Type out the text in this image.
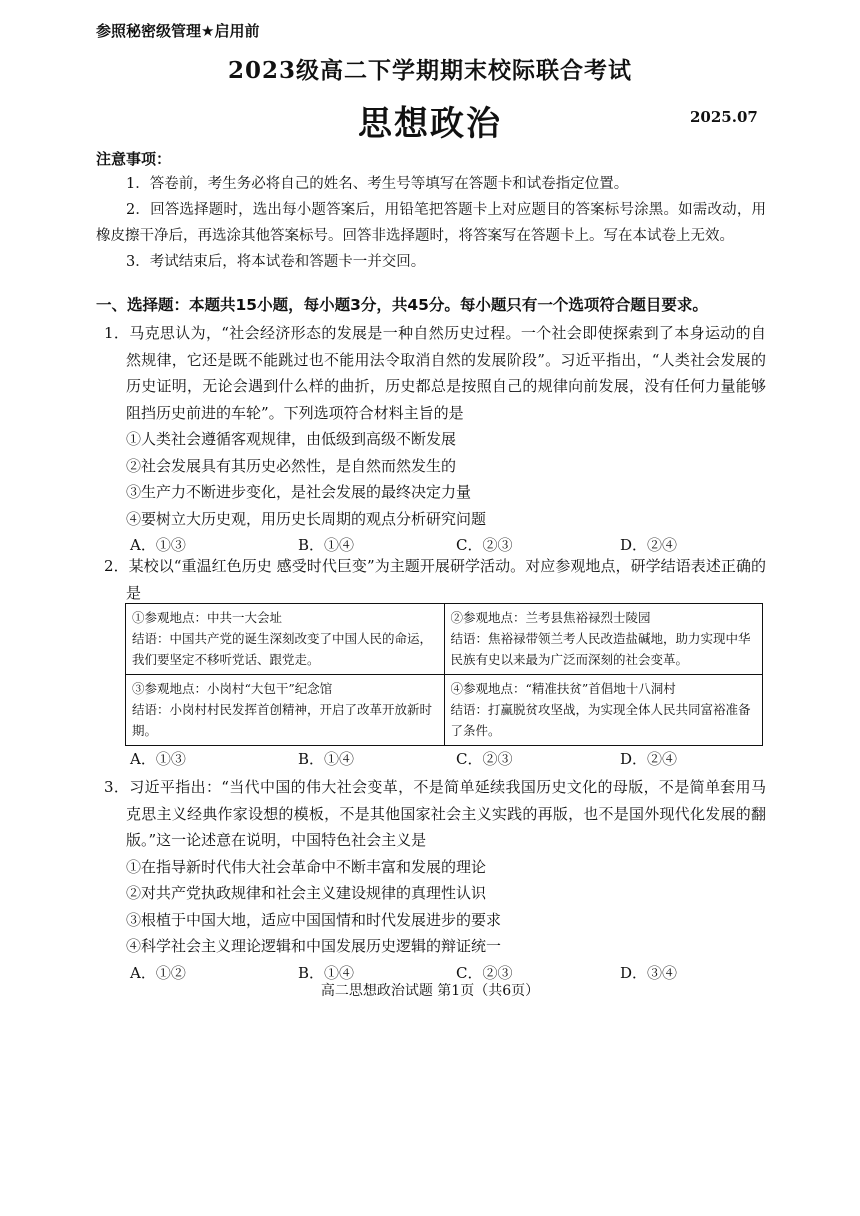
参照秘密级管理★启用前
2023级高二下学期期末校际联合考试
思想政治	2025.07
注意事项：

1．答卷前，考生务必将自己的姓名、考生号等填写在答题卡和试卷指定位置。

2．回答选择题时，选出每小题答案后，用铅笔把答题卡上对应题目的答案标号涂黑。如需改动，用橡皮擦干净后，再选涂其他答案标号。回答非选择题时，将答案写在答题卡上。写在本试卷上无效。

3．考试结束后，将本试卷和答题卡一并交回。

一、选择题：本题共15小题，每小题3分，共45分。每小题只有一个选项符合题目要求。

1．马克思认为，“社会经济形态的发展是一种自然历史过程。一个社会即使探索到了本身运动的自然规律，它还是既不能跳过也不能用法令取消自然的发展阶段”。习近平指出，“人类社会发展的历史证明，无论会遇到什么样的曲折，历史都总是按照自己的规律向前发展，没有任何力量能够阻挡历史前进的车轮”。下列选项符合材料主旨的是

①人类社会遵循客观规律，由低级到高级不断发展

②社会发展具有其历史必然性，是自然而然发生的

③生产力不断进步变化，是社会发展的最终决定力量

④要树立大历史观，用历史长周期的观点分析研究问题

A．①③	B．①④	C．②③	D．②④

2．某校以“重温红色历史 感受时代巨变”为主题开展研学活动。对应参观地点，研学结语表述正确的是

①参观地点：中共一大会址
结语：中国共产党的诞生深刻改变了中国人民的命运，我们要坚定不移听党话、跟党走。	②参观地点：兰考县焦裕禄烈士陵园
结语：焦裕禄带领兰考人民改造盐碱地，助力实现中华民族有史以来最为广泛而深刻的社会变革。
③参观地点：小岗村“大包干”纪念馆
结语：小岗村村民发挥首创精神，开启了改革开放新时期。	④参观地点：“精准扶贫”首倡地十八洞村
结语：打赢脱贫攻坚战，为实现全体人民共同富裕准备了条件。
A．①③	B．①④	C．②③	D．②④

3．习近平指出：“当代中国的伟大社会变革，不是简单延续我国历史文化的母版，不是简单套用马克思主义经典作家设想的模板，不是其他国家社会主义实践的再版，也不是国外现代化发展的翻版。”这一论述意在说明，中国特色社会主义是

①在指导新时代伟大社会革命中不断丰富和发展的理论

②对共产党执政规律和社会主义建设规律的真理性认识

③根植于中国大地，适应中国国情和时代发展进步的要求

④科学社会主义理论逻辑和中国发展历史逻辑的辩证统一

A．①②	B．①④	C．②③	D．③④
高二思想政治试题 第1页（共6页）
